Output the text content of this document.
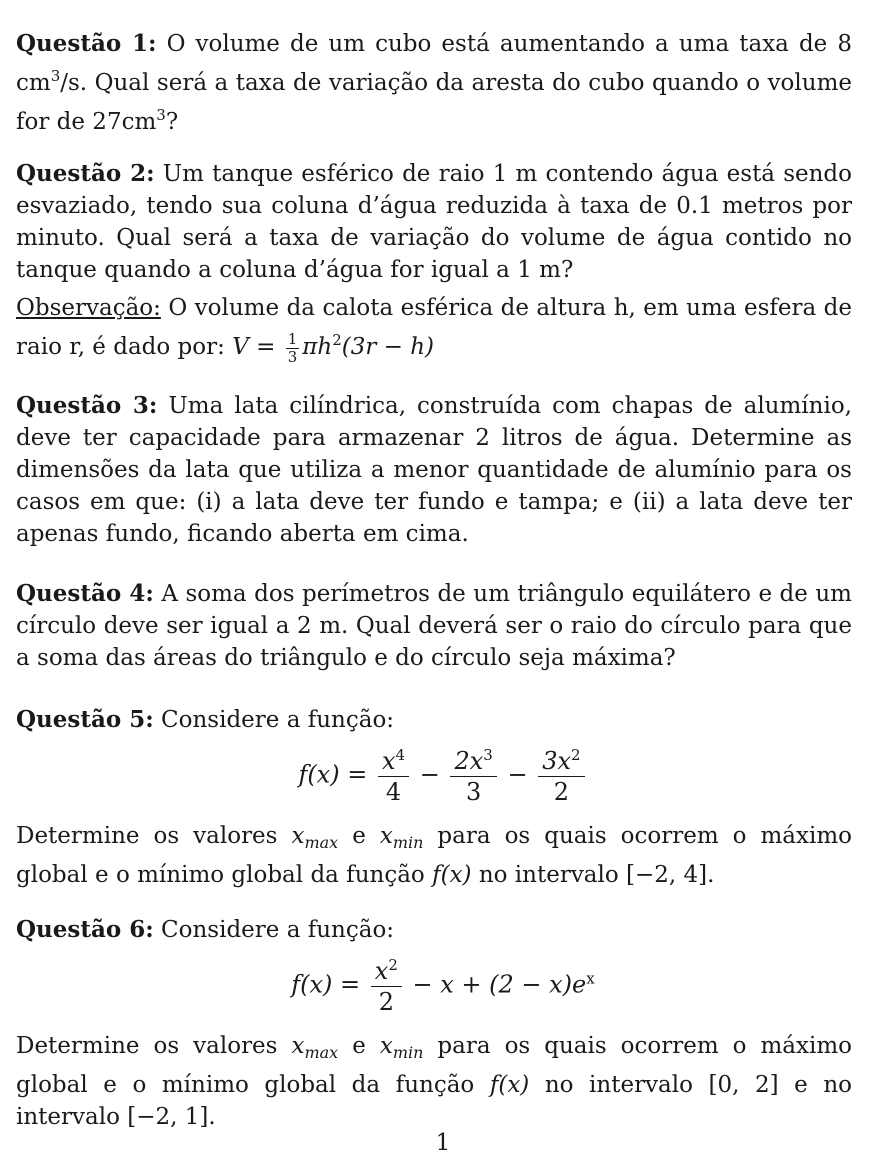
Questão 1: O volume de um cubo está aumentando a uma taxa de 8 $cm^3/s$. Qual será a taxa de variação da aresta do cubo quando o volume for de $27cm^3$?
Questão 2: Um tanque esférico de raio 1 m contendo água está sendo esvaziado, tendo sua coluna d’água reduzida à taxa de 0.1 metros por minuto. Qual será a taxa de variação do volume de água contido no tanque quando a coluna d’água for igual a 1 m?
Observação: O volume da calota esférica de altura h, em uma esfera de raio r, é dado por: $V = \frac{1}{3} \pi h^2(3r - h)$
Questão 3: Uma lata cilíndrica, construída com chapas de alumínio, deve ter capacidade para armazenar 2 litros de água. Determine as dimensões da lata que utiliza a menor quantidade de alumínio para os casos em que: (i) a lata deve ter fundo e tampa; e (ii) a lata deve ter apenas fundo, ficando aberta em cima.
Questão 4: A soma dos perímetros de um triângulo equilátero e de um círculo deve ser igual a 2 m. Qual deverá ser o raio do círculo para que a soma das áreas do triângulo e do círculo seja máxima?
Questão 5: Considere a função:
$f(x) = \frac{x^4}{4} - \frac{2x^3}{3} - \frac{3x^2}{2}$
Determine os valores $x_{max}$ e $x_{min}$ para os quais ocorrem o máximo global e o mínimo global da função f(x) no intervalo [−2, 4].
Questão 6: Considere a função:
$f(x) = \frac{x^2}{2} - x + (2 - x)e^x$
Determine os valores $x_{max}$ e $x_{min}$ para os quais ocorrem o máximo global e o mínimo global da função f(x) no intervalo [0, 2] e no intervalo [−2, 1].
1
